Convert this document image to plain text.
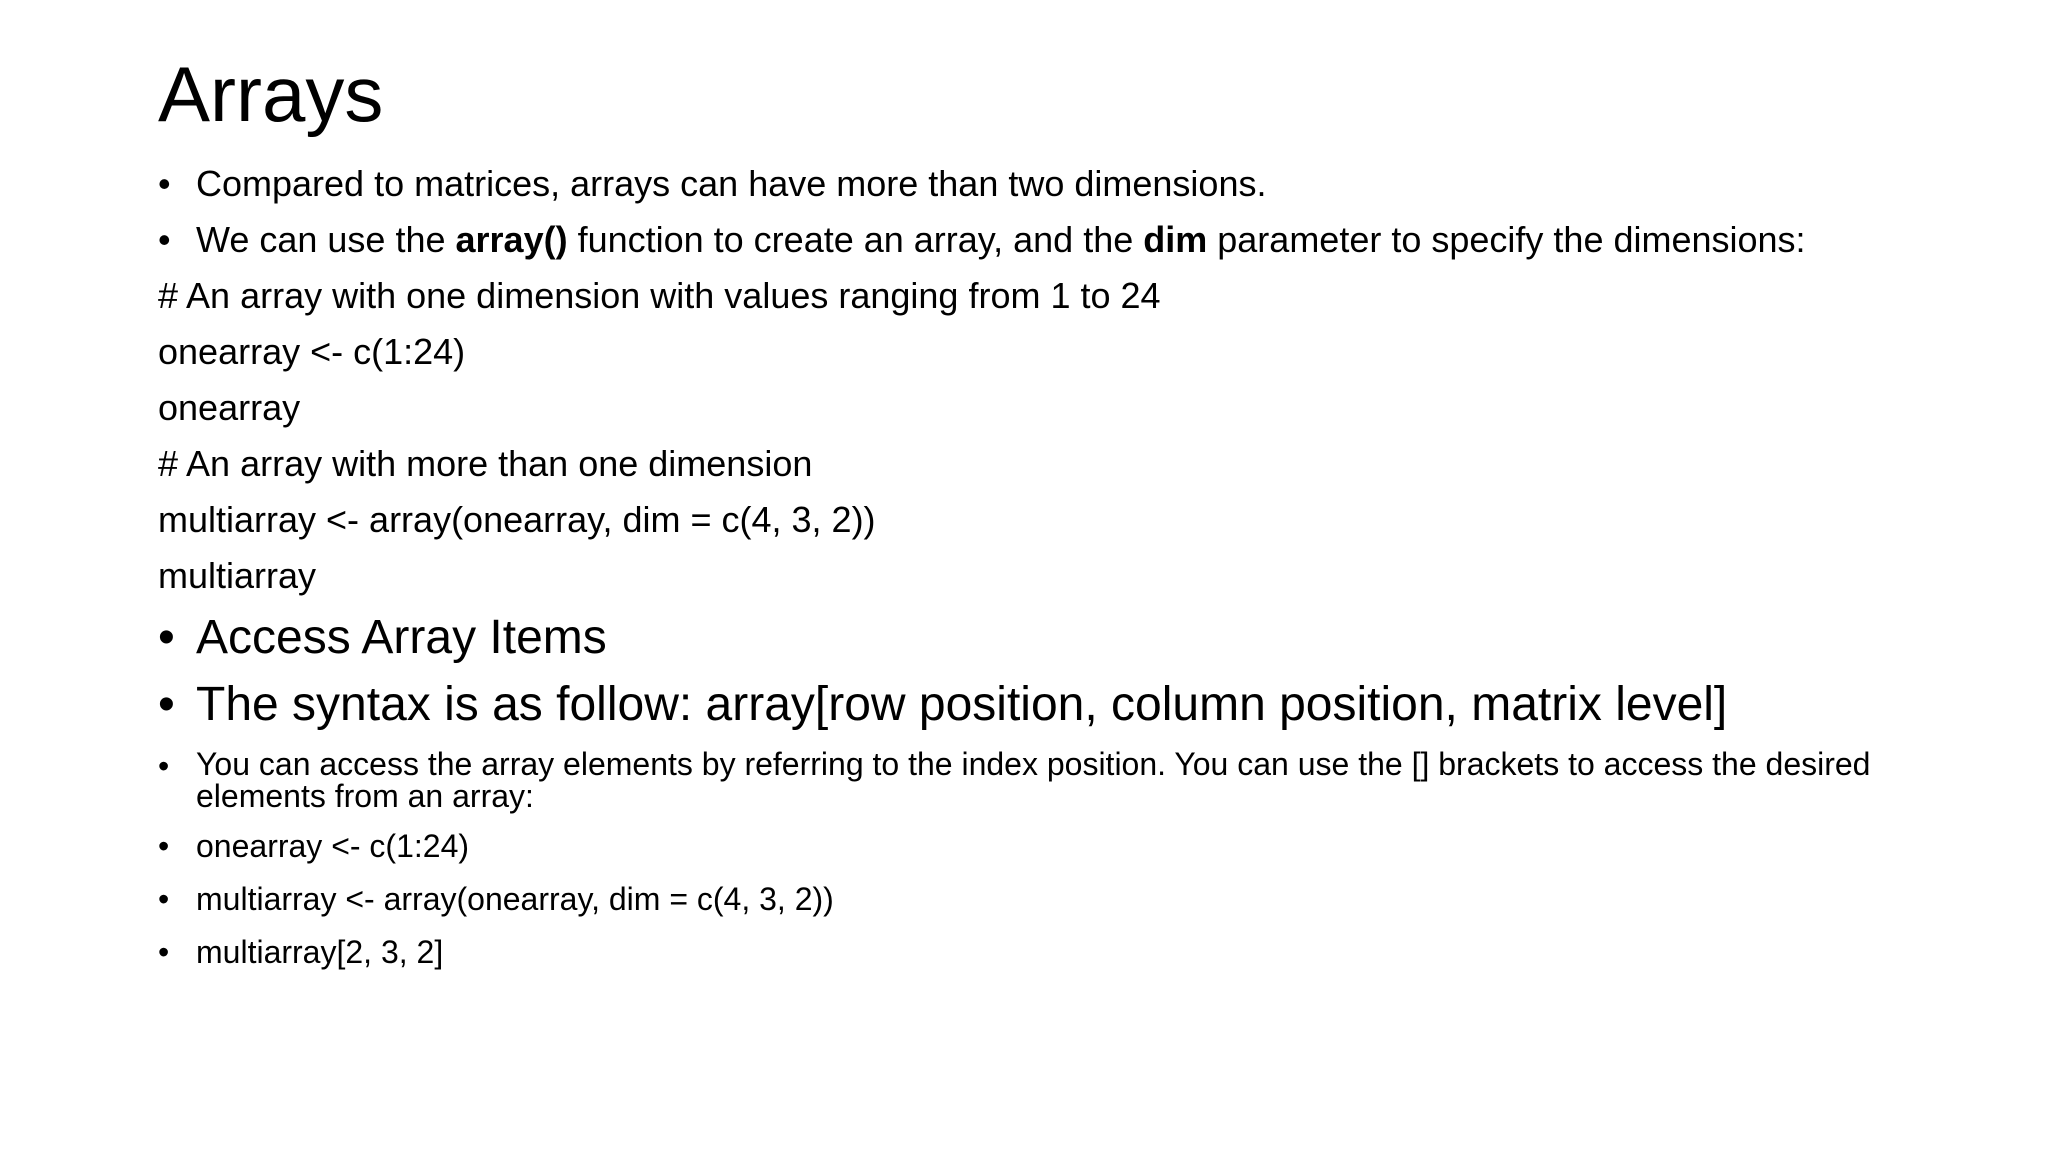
Arrays
• Compared to matrices, arrays can have more than two dimensions.
• We can use the array() function to create an array, and the dim parameter to specify the dimensions:
# An array with one dimension with values ranging from 1 to 24
onearray <- c(1:24)
onearray
# An array with more than one dimension
multiarray <- array(onearray, dim = c(4, 3, 2))
multiarray
• Access Array Items
• The syntax is as follow: array[row position, column position, matrix level]
• You can access the array elements by referring to the index position. You can use the [] brackets to access the desired elements from an array:
• onearray <- c(1:24)
• multiarray <- array(onearray, dim = c(4, 3, 2))
• multiarray[2, 3, 2]
